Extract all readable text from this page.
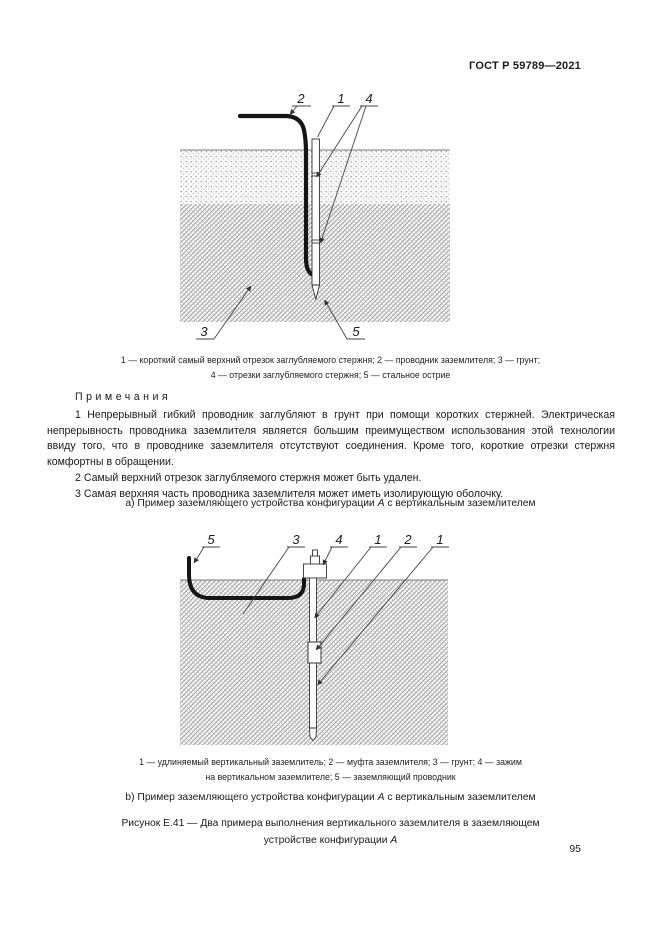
ГОСТ Р 59789—2021
2	1 4
3	5
1 — короткий самый верхний отрезок заглубляемого стержня; 2 — проводник заземлителя; 3 — грунт;
4 — отрезки заглубляемого стержня; 5 — стальное острие
Примечания

1 Непрерывный гибкий проводник заглубляют в грунт при помощи коротких стержней. Электрическая непрерывность проводника заземлителя является большим преимуществом использования этой технологии ввиду того, что в проводнике заземлителя отсутствуют соединения. Кроме того, короткие отрезки стержня комфортны в обращении.

2 Самый верхний отрезок заглубляемого стержня может быть удален.

3 Самая верхняя часть проводника заземлителя может иметь изолирующую оболочку.

а) Пример заземляющего устройства конфигурации А с вертикальным заземлителем
5	3	4 1 2 1
1 — удлиняемый вертикальный заземлитель; 2 — муфта заземлителя; 3 — грунт; 4 — зажим
на вертикальном заземлителе; 5 — заземляющий проводник
b) Пример заземляющего устройства конфигурации А с вертикальным заземлителем
Рисунок Е.41 — Два примера выполнения вертикального заземлителя в заземляющем
устройстве конфигурации А
95
